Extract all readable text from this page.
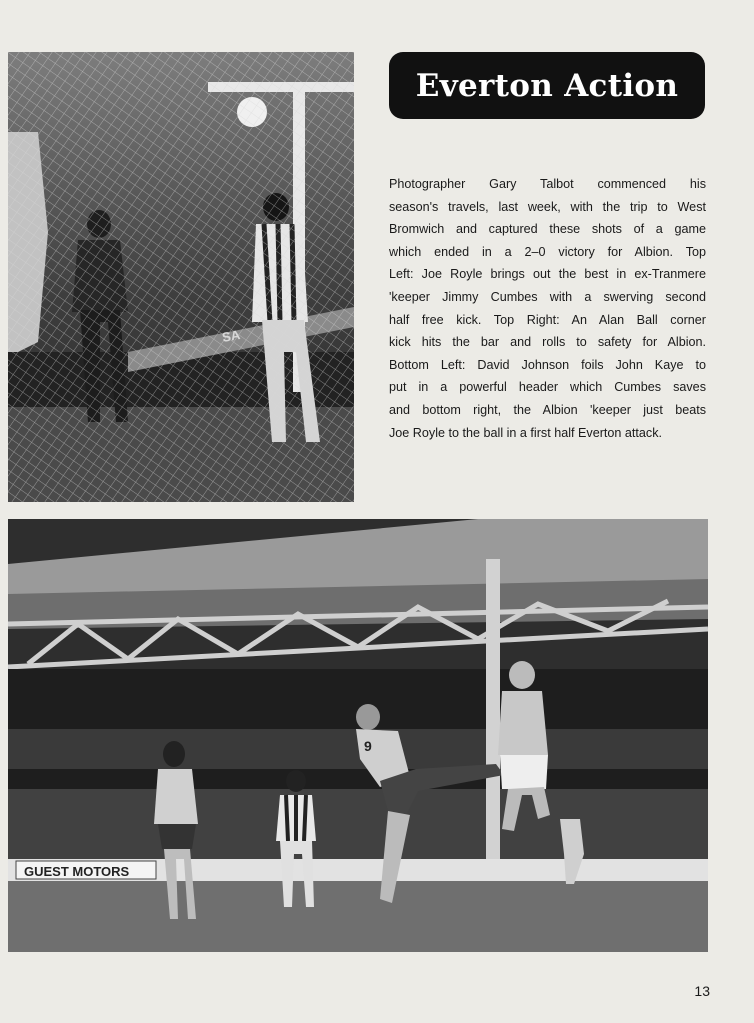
Everton Action
Photographer Gary Talbot commenced his
season's travels, last week, with the trip to West
Bromwich and captured these shots of a game
which ended in a 2–0 victory for Albion. Top
Left: Joe Royle brings out the best in ex-Tranmere
'keeper Jimmy Cumbes with a swerving second
half free kick. Top Right: An Alan Ball corner
kick hits the bar and rolls to safety for Albion.
Bottom Left: David Johnson foils John Kaye to
put in a powerful header which Cumbes saves
and bottom right, the Albion 'keeper just beats
Joe Royle to the ball in a first half Everton attack.
GUEST MOTORS
9
13
